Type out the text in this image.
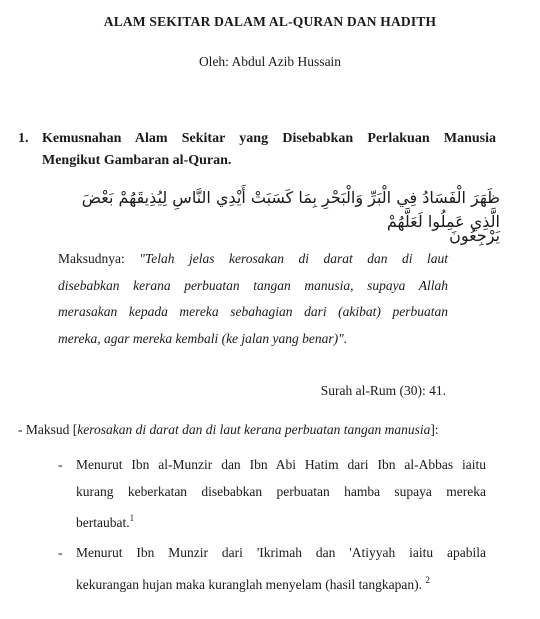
ALAM SEKITAR DALAM AL-QURAN DAN HADITH
Oleh: Abdul Azib Hussain
1. Kemusnahan Alam Sekitar yang Disebabkan Perlakuan Manusia
Mengikut Gambaran al-Quran.
ظَهَرَ الْفَسَادُ فِي الْبَرِّ وَالْبَحْرِ بِمَا كَسَبَتْ أَيْدِي النَّاسِ لِيُذِيقَهُمْ بَعْضَ الَّذِي عَمِلُوا لَعَلَّهُمْ
يَرْجِعُونَ
Maksudnya: "Telah jelas kerosakan di darat dan di laut
disebabkan kerana perbuatan tangan manusia, supaya Allah
merasakan kepada mereka sebahagian dari (akibat) perbuatan
mereka, agar mereka kembali (ke jalan yang benar)".
Surah al-Rum (30): 41.
- Maksud [kerosakan di darat dan di laut kerana perbuatan tangan manusia]:
- Menurut Ibn al-Munzir dan Ibn Abi Hatim dari Ibn al-Abbas iaitu
kurang keberkatan disebabkan perbuatan hamba supaya mereka
bertaubat.$^1$
- Menurut Ibn Munzir dari 'Ikrimah dan 'Atiyyah iaitu apabila
kekurangan hujan maka kuranglah menyelam (hasil tangkapan). $^2$
